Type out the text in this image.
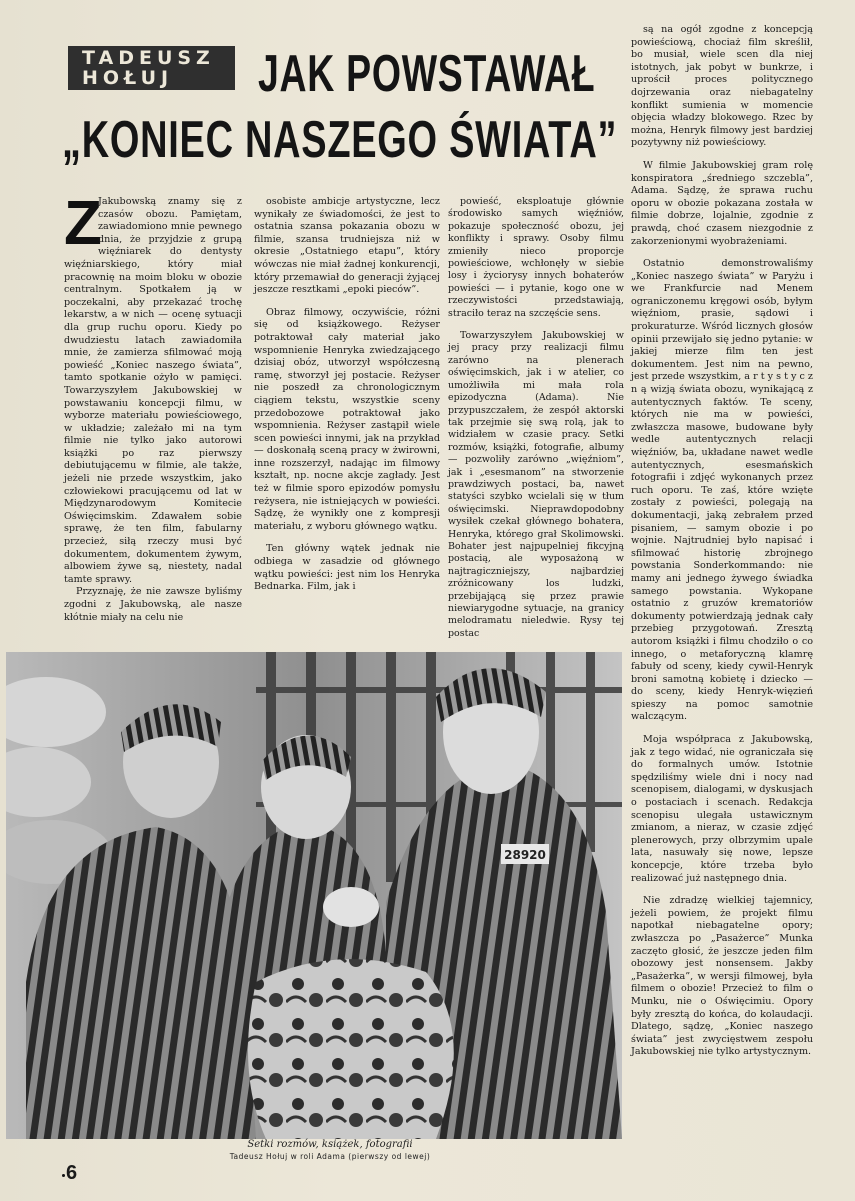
TADEUSZ HOŁUJ	JAK POWSTAWAŁ
„KONIEC NASZEGO ŚWIATA”

Z
Jakubowską znamy się z czasów obozu. Pamiętam, zawiadomiono mnie pewnego dnia, że przyjdzie z grupą więźniarek do dentysty więźniarskiego, który miał pracownię na moim bloku w obozie centralnym. Spotkałem ją w poczekalni, aby przekazać trochę lekarstw, a w nich — ocenę sytuacji dla grup ruchu oporu. Kiedy po dwudziestu latach zawiadomiła mnie, że zamierza sfilmować moją powieść „Koniec naszego świata”, tamto spotkanie ożyło w pamięci. Towarzyszyłem Jakubowskiej w powstawaniu koncepcji filmu, w wyborze materiału powieściowego, w układzie; zależało mi na tym filmie nie tylko jako autorowi książki po raz pierwszy debiutującemu w filmie, ale także, jeżeli nie przede wszystkim, jako człowiekowi pracującemu od lat w Międzynarodowym Komitecie Oświęcimskim. Zdawałem sobie sprawę, że ten film, fabularny przecież, siłą rzeczy musi być dokumentem, dokumentem żywym, albowiem żywe są, niestety, nadal tamte sprawy.

Przyznaję, że nie zawsze byliśmy zgodni z Jakubowską, ale nasze kłótnie miały na celu nie

osobiste ambicje artystyczne, lecz wynikały ze świadomości, że jest to ostatnia szansa pokazania obozu w filmie, szansa trudniejsza niż w okresie „Ostatniego etapu”, który wówczas nie miał żadnej konkurencji, który przemawiał do generacji żyjącej jeszcze resztkami „epoki pieców”.

Obraz filmowy, oczywiście, różni się od książkowego. Reżyser potraktował cały materiał jako wspomnienie Henryka zwiedzającego dzisiaj obóz, utworzył współczesną ramę, stworzył jej postacie. Reżyser nie poszedł za chronologicznym ciągiem tekstu, wszystkie sceny przedobozowe potraktował jako wspomnienia. Reżyser zastąpił wiele scen powieści innymi, jak na przykład — doskonałą sceną pracy w żwirowni, inne rozszerzył, nadając im filmowy kształt, np. nocne akcje zagłady. Jest też w filmie sporo epizodów pomysłu reżysera, nie istniejących w powieści. Sądzę, że wynikły one z kompresji materiału, z wyboru głównego wątku.

Ten główny wątek jednak nie odbiega w zasadzie od głównego wątku powieści: jest nim los Henryka Bednarka. Film, jak i

powieść, eksploatuje głównie środowisko samych więźniów, pokazuje społeczność obozu, jej konflikty i sprawy. Osoby filmu zmieniły nieco proporcje powieściowe, wchłonęły w siebie losy i życiorysy innych bohaterów powieści — i pytanie, kogo one w rzeczywistości przedstawiają, straciło teraz na szczęście sens.

Towarzyszyłem Jakubowskiej w jej pracy przy realizacji filmu zarówno na plenerach oświęcimskich, jak i w atelier, co umożliwiła mi mała rola epizodyczna (Adama). Nie przypuszczałem, że zespół aktorski tak przejmie się swą rolą, jak to widziałem w czasie pracy. Setki rozmów, książki, fotografie, albumy — pozwoliły zarówno „więźniom”, jak i „esesmanom” na stworzenie prawdziwych postaci, ba, nawet statyści szybko wcielali się w tłum oświęcimski. Nieprawdopodobny wysiłek czekał głównego bohatera, Henryka, którego grał Skolimowski. Bohater jest najpupelniej fikcyjną postacią, ale wyposażoną w najtragiczniejszy, najbardziej zróżnicowany los ludzki, przebijającą się przez prawie niewiarygodne sytuacje, na granicy melodramatu nieledwie. Rysy tej postac

są na ogół zgodne z koncepcją powieściową, chociaż film skreślił, bo musiał, wiele scen dla niej istotnych, jak pobyt w bunkrze, i uprościł proces politycznego dojrzewania oraz niebagatelny konflikt sumienia w momencie objęcia władzy blokowego. Rzec by można, Henryk filmowy jest bardziej pozytywny niż powieściowy.

W filmie Jakubowskiej gram rolę konspiratora „średniego szczebla”, Adama. Sądzę, że sprawa ruchu oporu w obozie pokazana została w filmie dobrze, lojalnie, zgodnie z prawdą, choć czasem niezgodnie z zakorzenionymi wyobrażeniami.

Ostatnio demonstrowaliśmy „Koniec naszego świata” w Paryżu i we Frankfurcie nad Menem ograniczonemu kręgowi osób, byłym więźniom, prasie, sądowi i prokuraturze. Wśród licznych głosów opinii przewijało się jedno pytanie: w jakiej mierze film ten jest dokumentem. Jest nim na pewno, jest przede wszystkim, a r t y s t y c z n ą wizją świata obozu, wynikającą z autentycznych faktów. Te sceny, których nie ma w powieści, zwłaszcza masowe, budowane były wedle autentycznych relacji więźniów, ba, układane nawet wedle autentycznych, esesmańskich fotografii i zdjęć wykonanych przez ruch oporu. Te zaś, które wzięte zostały z powieści, polegają na dokumentacji, jaką zebrałem przed pisaniem, — samym obozie i po wojnie. Najtrudniej było napisać i sfilmować historię zbrojnego powstania Sonderkommando: nie mamy ani jednego żywego świadka samego powstania. Wykopane ostatnio z gruzów krematoriów dokumenty potwierdzają jednak cały przebieg przygotowań. Zresztą autorom książki i filmu chodziło o co innego, o metaforyczną klamrę fabuły od sceny, kiedy cywil-Henryk broni samotną kobietę i dziecko — do sceny, kiedy Henryk-więzień spieszy na pomoc samotnie walczącym.

Moja współpraca z Jakubowską, jak z tego widać, nie ograniczała się do formalnych umów. Istotnie spędziliśmy wiele dni i nocy nad scenopisem, dialogami, w dyskusjach o postaciach i scenach. Redakcja scenopisu ulegała ustawicznym zmianom, a nieraz, w czasie zdjęć plenerowych, przy olbrzymim upale lata, nasuwały się nowe, lepsze koncepcje, które trzeba było realizować już następnego dnia.

Nie zdradzę wielkiej tajemnicy, jeżeli powiem, że projekt filmu napotkał niebagatelne opory; zwłaszcza po „Pasażerce” Munka zaczęto głosić, że jeszcze jeden film obozowy jest nonsensem. Jakby „Pasażerka”, w wersji filmowej, była filmem o obozie! Przecież to film o Munku, nie o Oświęcimiu. Opory były zresztą do końca, do kolaudacji. Dlatego, sądzę, „Koniec naszego świata” jest zwycięstwem zespołu Jakubowskiej nie tylko artystycznym.

28920
Setki rozmów, książek, fotografii
Tadeusz Hołuj w roli Adama (pierwszy od lewej)
6
